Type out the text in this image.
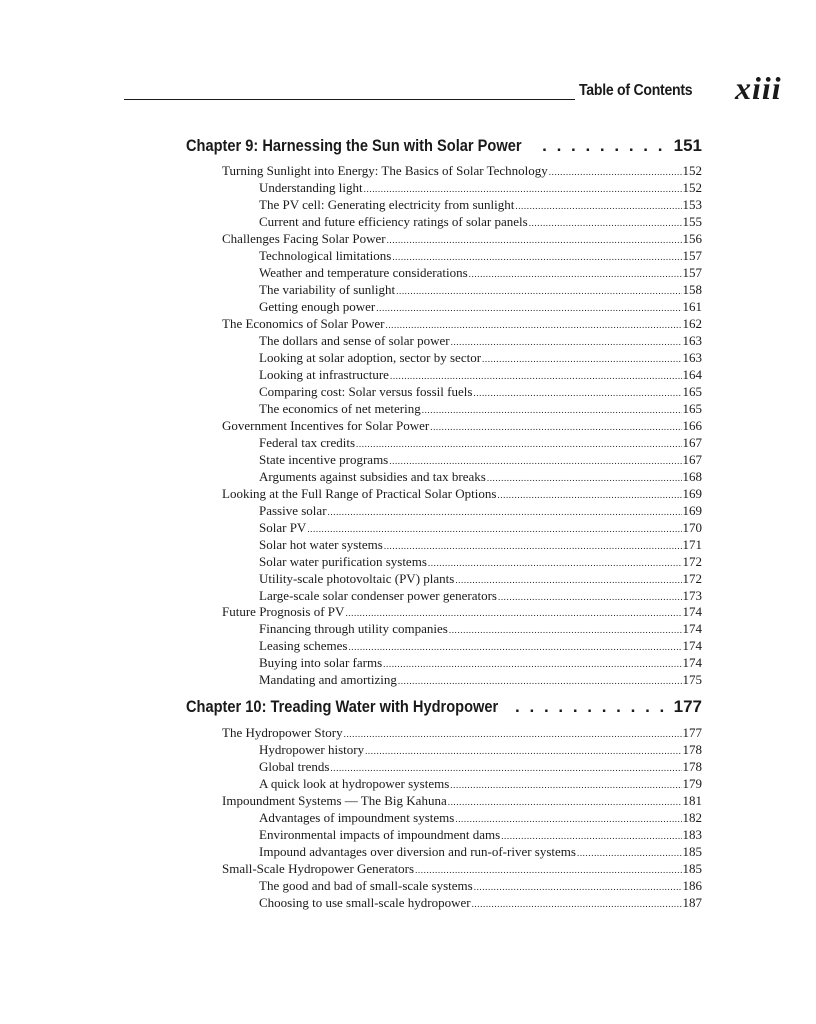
Table of Contents xiii
Chapter 9: Harnessing the Sun with Solar Power . . .	151
Turning Sunlight into Energy: The Basics of Solar Technology .....	152
Understanding light .....	152
The PV cell: Generating electricity from sunlight .....	153
Current and future efficiency ratings of solar panels .....	155
Challenges Facing Solar Power .....	156
Technological limitations .....	157
Weather and temperature considerations .....	157
The variability of sunlight .....	158
Getting enough power .....	161
The Economics of Solar Power .....	162
The dollars and sense of solar power .....	163
Looking at solar adoption, sector by sector .....	163
Looking at infrastructure .....	164
Comparing cost: Solar versus fossil fuels .....	165
The economics of net metering .....	165
Government Incentives for Solar Power .....	166
Federal tax credits .....	167
State incentive programs .....	167
Arguments against subsidies and tax breaks .....	168
Looking at the Full Range of Practical Solar Options .....	169
Passive solar .....	169
Solar PV .....	170
Solar hot water systems .....	171
Solar water purification systems .....	172
Utility-scale photovoltaic (PV) plants .....	172
Large-scale solar condenser power generators .....	173
Future Prognosis of PV .....	174
Financing through utility companies .....	174
Leasing schemes .....	174
Buying into solar farms .....	174
Mandating and amortizing .....	175
Chapter 10: Treading Water with Hydropower . . .	177
The Hydropower Story .....	177
Hydropower history .....	178
Global trends .....	178
A quick look at hydropower systems .....	179
Impoundment Systems — The Big Kahuna .....	181
Advantages of impoundment systems .....	182
Environmental impacts of impoundment dams .....	183
Impound advantages over diversion and run-of-river systems .....	185
Small-Scale Hydropower Generators .....	185
The good and bad of small-scale systems .....	186
Choosing to use small-scale hydropower .....	187
